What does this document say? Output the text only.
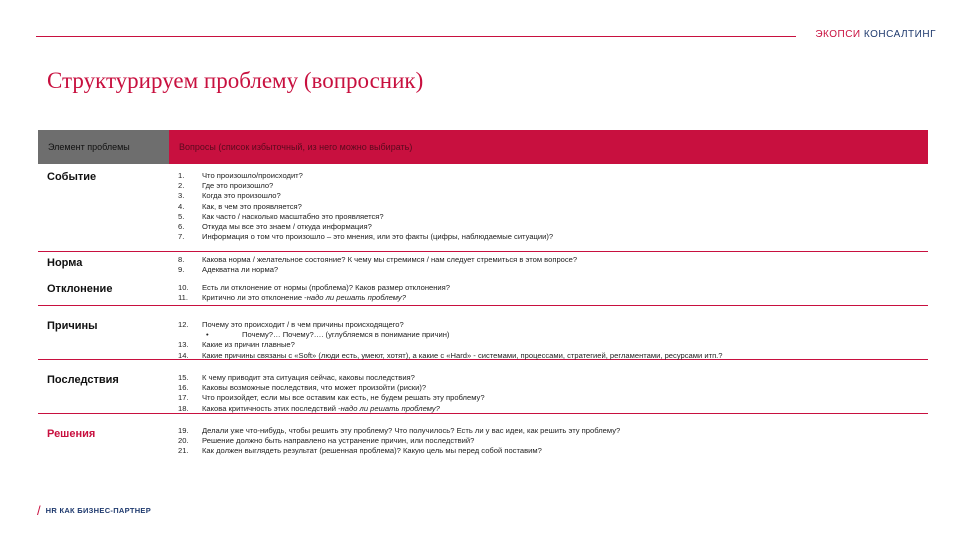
ЭКОПСИ КОНСАЛТИНГ
Структурируем проблему (вопросник)
Элемент проблемы	Вопросы (список избыточный, из него можно выбирать)
Событие	1.	Что произошло/происходит?
2.	Где это произошло?
3.	Когда это произошло?
4.	Как, в чем это проявляется?
5.	Как часто / насколько масштабно это проявляется?
6.	Откуда мы все это знаем / откуда информация?
7.	Информация о том что произошло – это мнения, или это факты (цифры, наблюдаемые ситуации)?
Норма	8.	Какова норма / желательное состояние? К чему мы стремимся / нам следует стремиться в этом вопросе?
9.	Адекватна ли норма?
Отклонение	10.	Есть ли отклонение от нормы (проблема)? Каков размер отклонения?
11.	Критично ли это отклонение - надо ли решать проблему?
Причины	12.	Почему это происходит / в чем причины происходящего?
•	Почему?… Почему?…. (углубляемся в понимание причин)
13.	Какие из причин главные?
14.	Какие причины связаны с «Soft» (люди есть, умеют, хотят), а какие с «Hard» - системами, процессами, стратегией, регламентами, ресурсами итп.?
Последствия	15.	К чему приводит эта ситуация сейчас, каковы последствия?
16.	Каковы возможные последствия, что может произойти (риски)?
17.	Что произойдет, если мы все оставим как есть, не будем решать эту проблему?
18.	Какова критичность этих последствий - надо ли решать проблему?
Решения	19.	Делали уже что-нибудь, чтобы решить эту проблему? Что получилось? Есть ли у вас идеи, как решить эту проблему?
20.	Решение должно быть направлено на устранение причин, или последствий?
21.	Как должен выглядеть результат (решенная проблема)? Какую цель мы перед собой поставим?
/ HR КАК БИЗНЕС-ПАРТНЕР
